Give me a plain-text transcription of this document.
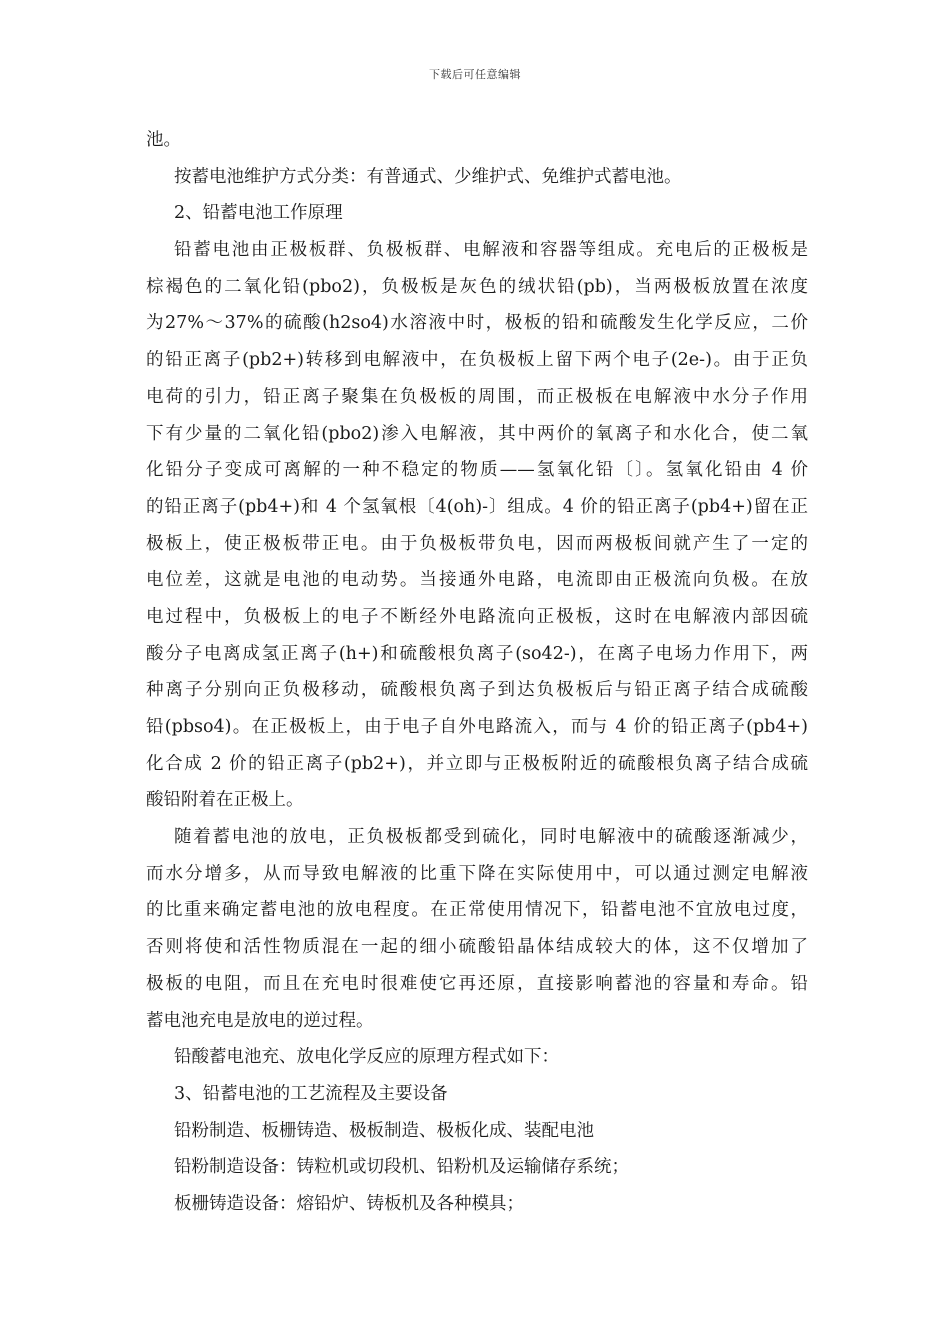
下载后可任意编辑
池。
按蓄电池维护方式分类：有普通式、少维护式、免维护式蓄电池。
2、铅蓄电池工作原理
铅蓄电池由正极板群、负极板群、电解液和容器等组成。充电后的正极板是
棕褐色的二氧化铅(pbo2)，负极板是灰色的绒状铅(pb)，当两极板放置在浓度
为27%～37%的硫酸(h2so4)水溶液中时，极板的铅和硫酸发生化学反应，二价
的铅正离子(pb2+)转移到电解液中，在负极板上留下两个电子(2e-)。由于正负
电荷的引力，铅正离子聚集在负极板的周围，而正极板在电解液中水分子作用
下有少量的二氧化铅(pbo2)渗入电解液，其中两价的氧离子和水化合，使二氧
化铅分子变成可离解的一种不稳定的物质——氢氧化铅〔〕。氢氧化铅由 4 价
的铅正离子(pb4+)和 4 个氢氧根〔4(oh)-〕组成。4 价的铅正离子(pb4+)留在正
极板上，使正极板带正电。由于负极板带负电，因而两极板间就产生了一定的
电位差，这就是电池的电动势。当接通外电路，电流即由正极流向负极。在放
电过程中，负极板上的电子不断经外电路流向正极板，这时在电解液内部因硫
酸分子电离成氢正离子(h+)和硫酸根负离子(so42-)，在离子电场力作用下，两
种离子分别向正负极移动，硫酸根负离子到达负极板后与铅正离子结合成硫酸
铅(pbso4)。在正极板上，由于电子自外电路流入，而与 4 价的铅正离子(pb4+)
化合成 2 价的铅正离子(pb2+)，并立即与正极板附近的硫酸根负离子结合成硫
酸铅附着在正极上。
随着蓄电池的放电，正负极板都受到硫化，同时电解液中的硫酸逐渐减少，
而水分增多，从而导致电解液的比重下降在实际使用中，可以通过测定电解液
的比重来确定蓄电池的放电程度。在正常使用情况下，铅蓄电池不宜放电过度，
否则将使和活性物质混在一起的细小硫酸铅晶体结成较大的体，这不仅增加了
极板的电阻，而且在充电时很难使它再还原，直接影响蓄池的容量和寿命。铅
蓄电池充电是放电的逆过程。
铅酸蓄电池充、放电化学反应的原理方程式如下：
3、铅蓄电池的工艺流程及主要设备
铅粉制造、板栅铸造、极板制造、极板化成、装配电池
铅粉制造设备：铸粒机或切段机、铅粉机及运输储存系统；
板栅铸造设备：熔铅炉、铸板机及各种模具；
